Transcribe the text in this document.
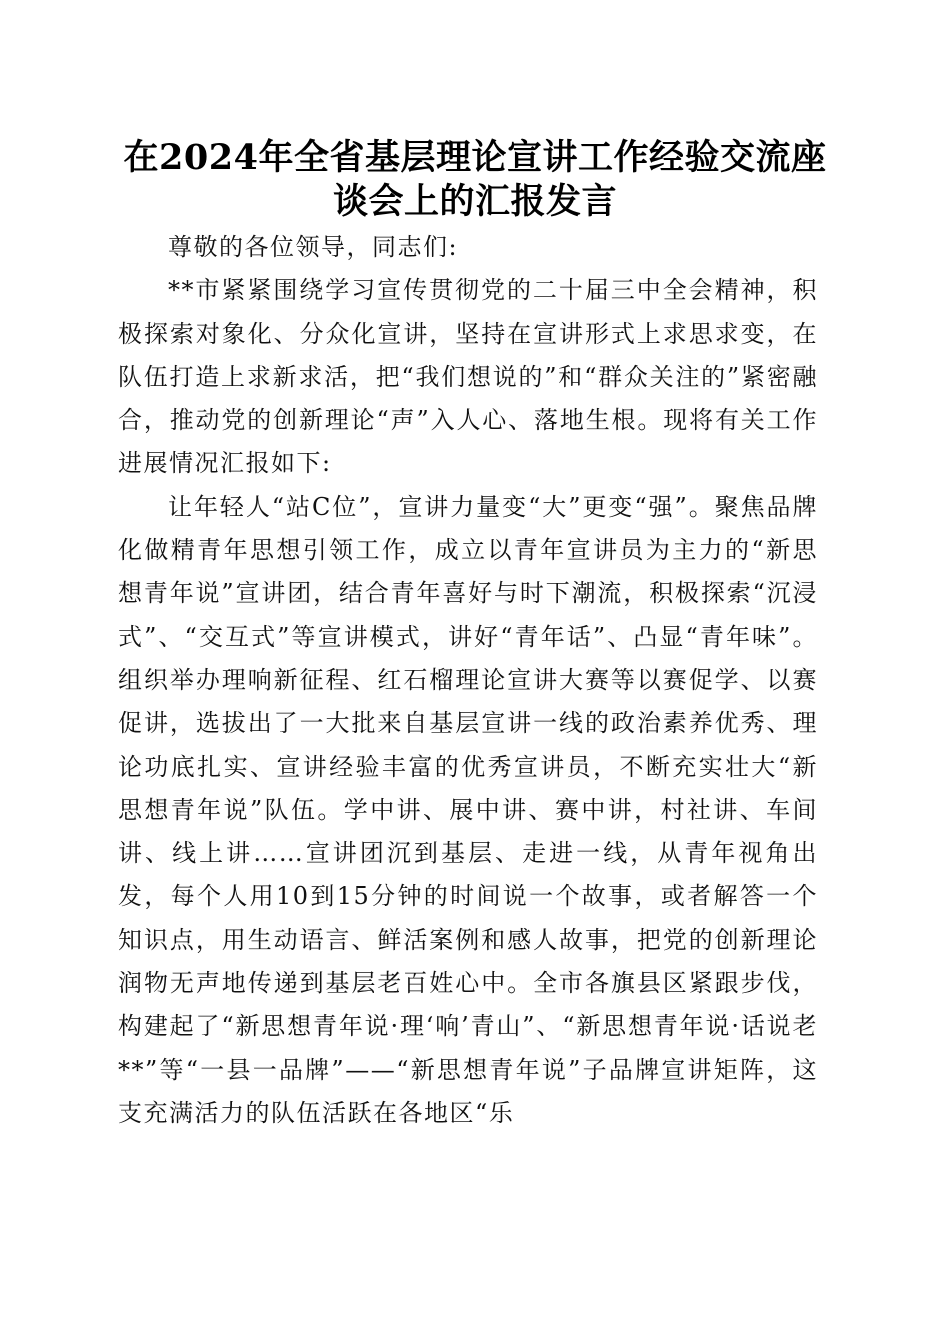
在2024年全省基层理论宣讲工作经验交流座谈会上的汇报发言

尊敬的各位领导，同志们:

**市紧紧围绕学习宣传贯彻党的二十届三中全会精神，积极探索对象化、分众化宣讲，坚持在宣讲形式上求思求变，在队伍打造上求新求活，把“我们想说的”和“群众关注的”紧密融合，推动党的创新理论“声”入人心、落地生根。现将有关工作进展情况汇报如下:

让年轻人“站C位”，宣讲力量变“大”更变“强”。聚焦品牌化做精青年思想引领工作，成立以青年宣讲员为主力的“新思想青年说”宣讲团，结合青年喜好与时下潮流，积极探索“沉浸式”、“交互式”等宣讲模式，讲好“青年话”、凸显“青年味”。组织举办理响新征程、红石榴理论宣讲大赛等以赛促学、以赛促讲，选拔出了一大批来自基层宣讲一线的政治素养优秀、理论功底扎实、宣讲经验丰富的优秀宣讲员，不断充实壮大“新思想青年说”队伍。学中讲、展中讲、赛中讲，村社讲、车间讲、线上讲……宣讲团沉到基层、走进一线，从青年视角出发，每个人用10到15分钟的时间说一个故事，或者解答一个知识点，用生动语言、鲜活案例和感人故事，把党的创新理论润物无声地传递到基层老百姓心中。全市各旗县区紧跟步伐，构建起了“新思想青年说·理‘响’青山”、“新思想青年说·话说老**”等“一县一品牌”——“新思想青年说”子品牌宣讲矩阵，这支充满活力的队伍活跃在各地区“乐
